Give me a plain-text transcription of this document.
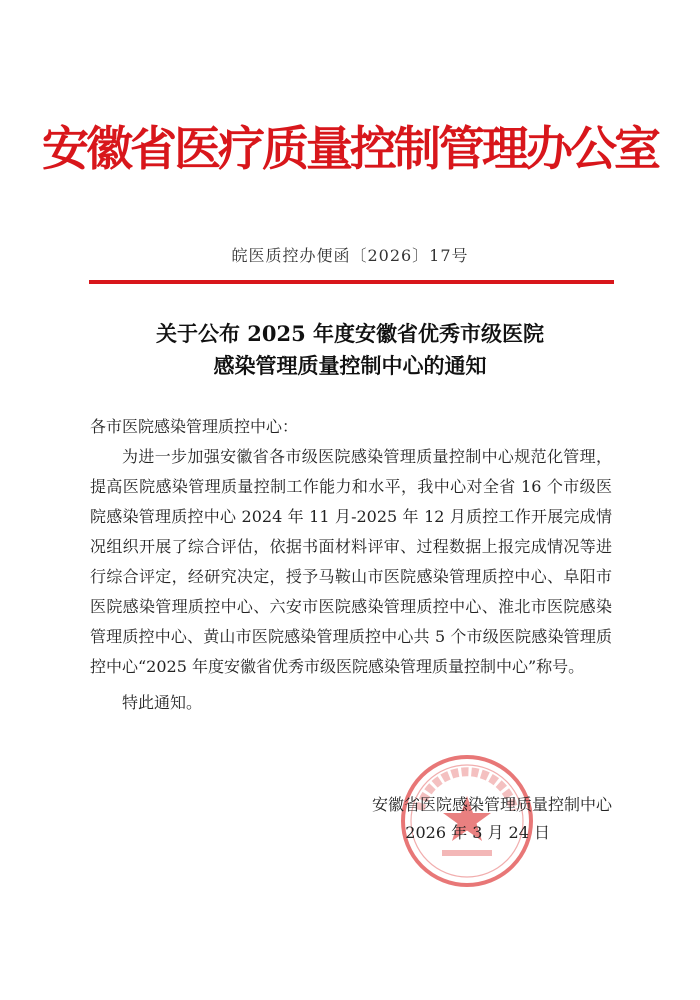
安徽省医疗质量控制管理办公室
皖医质控办便函〔2026〕17号
关于公布 2025 年度安徽省优秀市级医院
感染管理质量控制中心的通知

各市医院感染管理质控中心：

为进一步加强安徽省各市级医院感染管理质量控制中心规范化管理，提高医院感染管理质量控制工作能力和水平，我中心对全省 16 个市级医院感染管理质控中心 2024 年 11 月-2025 年 12 月质控工作开展完成情况组织开展了综合评估，依据书面材料评审、过程数据上报完成情况等进行综合评定，经研究决定，授予马鞍山市医院感染管理质控中心、阜阳市医院感染管理质控中心、六安市医院感染管理质控中心、淮北市医院感染管理质控中心、黄山市医院感染管理质控中心共 5 个市级医院感染管理质控中心“2025 年度安徽省优秀市级医院感染管理质量控制中心”称号。

特此通知。

安徽省医院感染管理质量控制中心
2026 年 3 月 24 日
